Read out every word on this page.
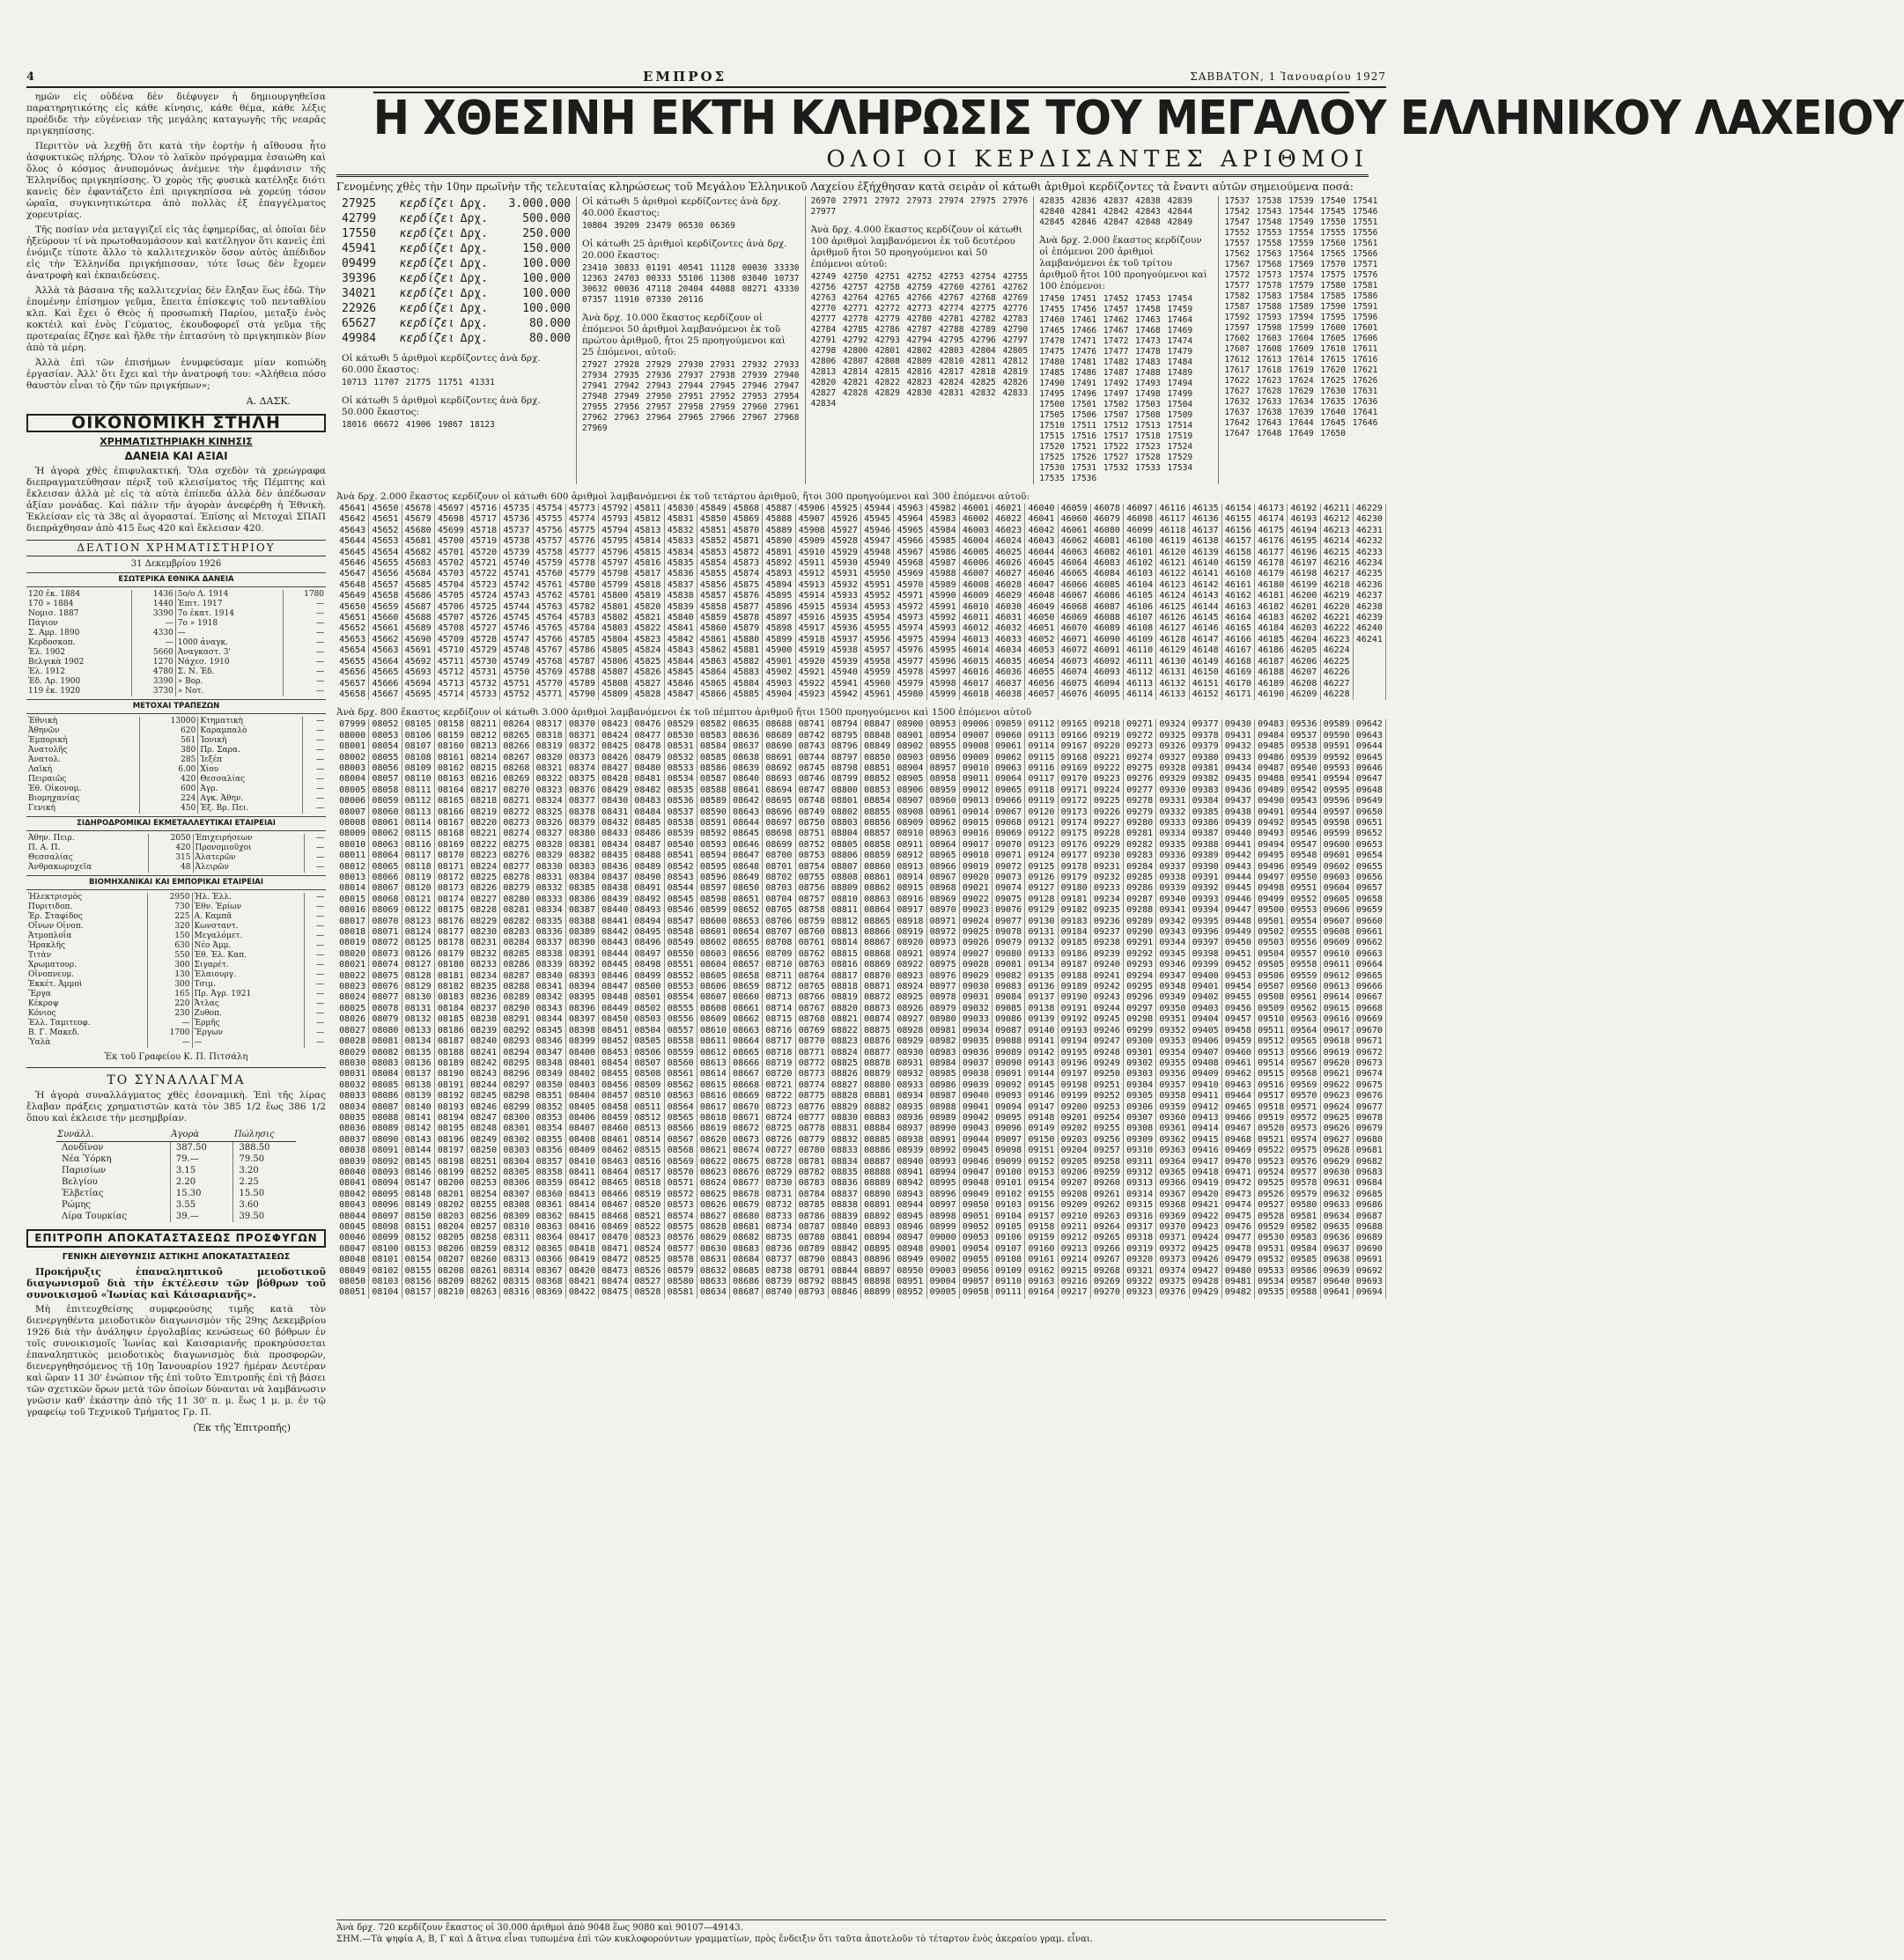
4	ΕΜΠΡΟΣ	ΣΑΒΒΑΤΟΝ, 1 Ἰανουαρίου 1927

ημῶν εἰς οὐδένα δὲν διέφυγεν ἡ δημιουργηθεῖσα παρατηρητικότης εἰς κάθε κίνησις, κάθε θέμα, κάθε λέξις προέδιδε τὴν εὐγένειαν τῆς μεγάλης καταγωγῆς τῆς νεαρᾶς πριγκηπίσσης.

Περιττὸν νὰ λεχθῇ ὅτι κατὰ τὴν ἑορτὴν ἡ αἴθουσα ἦτο ἀσφυκτικῶς πλήρης. Ὅλον τὸ λαϊκὸν πρόγραμμα ἐσαιώθη καὶ ὅλος ὁ κόσμος ἀνυπομόνως ἀνέμενε τὴν ἐμφάνισιν τῆς Ἑλληνίδος πριγκηπίσσης. Ὁ χορὸς τῆς φυσικὰ κατέληξε διότι κανεὶς δὲν ἐφαντάζετο ἐπὶ πριγκηπίσσα νὰ χορεύῃ τόσον ὡραῖα, συγκινητικώτερα ἀπὸ πολλὰς ἐξ ἐπαγγέλματος χορευτρίας.

Τῆς ποσίαν νέα μεταγγιζεῖ εἰς τὰς ἐφημερίδας, αἱ ὁποῖαι δὲν ἠξεύρουν τί νὰ πρωτοθαυμάσουν καὶ κατέληγον ὅτι κανεὶς ἐπὶ ἐνόμιζε τίποτε ἄλλο τὸ καλλιτεχνικὸν ὅσον αὐτὸς ἀπέδιδον εἰς τὴν Ἑλληνίδα πριγκήπισσαν, τότε ἴσως δὲν ἔχομεν ἀνατροφὴ καὶ ἐκπαιδεύσεις.

Ἀλλὰ τὰ βάσανα τῆς καλλιτεχνίας δὲν ἔληξαν ἕως ἐδῶ. Τὴν ἐπομένην ἐπίσημον γεῦμα, ἔπειτα ἐπίσκεψις τοῦ πενταθλίου κλπ. Καὶ ἔχει ὁ Θεὸς ἡ προσωπικὴ Παρίου, μεταξὺ ἐνὸς κοκτέιλ καὶ ἑνὸς Γεύματος, ἐκουδοφορεῖ στὰ γεῦμα τῆς προτεραίας ἔζησε καὶ ἤλθε τὴν ἑπτασύνη τὸ πριγκηπικὸν βίον ἀπὸ τὰ μέρη.

Ἀλλὰ ἐπὶ τῶν ἐπισήμων ἐνυμφεύσαμε μίαν κοπιώδη ἐργασίαν. Ἀλλ' ὅτι ἔχει καὶ τὴν ἀνατροφή του: «Ἀλήθεια πόσο θαυστὸν εἶναι τὸ ζῆν τῶν πριγκήπων»;

Α. ΔΑΣΚ.
ΟΙΚΟΝΟΜΙΚΗ ΣΤΗΛΗ
ΧΡΗΜΑΤΙΣΤΗΡΙΑΚΗ ΚΙΝΗΣΙΣ
ΔΑΝΕΙΑ ΚΑΙ ΑΞΙΑΙ

Ἡ ἀγορὰ χθὲς ἐπιφυλακτική. Ὅλα σχεδὸν τὰ χρεώγραφα διεπραγματεύθησαν πέριξ τοῦ κλεισίματος τῆς Πέμπτης καὶ ἔκλεισαν ἀλλὰ μὲ εἰς τὰ αὐτὰ ἐπίπεδα ἀλλὰ δὲν ἀπέδωσαν ἀξίαν μονάδας. Καὶ πάλιν τῆν ἀγορὰν ἀνεφέρθη ἡ Ἐθνικὴ. Ἐκλείσαν εἰς τὰ 38ς αἱ ἀγορασταί. Ἐπίσης αἱ Μετοχαὶ ΣΠΑΠ διεπράχθησαν ἀπὸ 415 ἕως 420 καὶ ἔκλεισαν 420.

ΔΕΛΤΙΟΝ ΧΡΗΜΑΤΙΣΤΗΡΙΟΥ
31 Δεκεμβρίου 1926
ΕΣΩΤΕΡΙΚΑ ΕΘΝΙΚΑ ΔΑΝΕΙΑ
120 ἑκ. 1884	1436	5ο/ο Λ. 1914	1780
170 » 1884	1440	Ἐπιτ. 1917	—
Νομισ. 1887	3390	7ο ἑκατ. 1914	—
Πάγιον	—	7ο » 1918	—
Σ. Αμρ. 1890	4330	—	—
Κερδοσκοπ.	—	1000 ἀναγκ.	—
Ἐλ. 1902	5660	Ἀναγκαστ. 3'	—
Βελγικὰ 1902	1270	Νάχεσ. 1910	—
Ἐλ. 1912	4780	Σ. Ν. Ἐδ.	—
Ἐδ. Λρ. 1900	3390	» Βορ.	—
119 ἑκ. 1920	3730	» Νοτ.	—
ΜΕΤΟΧΑΙ ΤΡΑΠΕΖΩΝ
Ἐθνικὴ	13000	Κτηματικὴ	—
Ἀθηνῶν	620	Καραμπαλὸ	—
Ἐμπορικὴ	561	Ἰονικὴ	—
Ἀνατολῆς	380	Πρ. Σαρα.	—
Ἀνατολ.	285	Ἰεξέπ	—
Λαϊκή	6.00	Χίου	—
Πειραιῶς	420	Θεσσαλίας	—
Ἐθ. Οἰκονομ.	600	Ἀγρ.	—
Βιομηχανίας	224	Αγκ. Ἀθην.	—
Γενική	450	Ἐξ. Βρ. Πει.	—
ΣΙΔΗΡΟΔΡΟΜΙΚΑΙ ΕΚΜΕΤΑΛΛΕΥΤΙΚΑΙ ΕΤΑΙΡΕΙΑΙ
Ἀθην. Πειρ.	2050	Ἐπιχειρήσεων	—
Π. Α. Π.	420	Προνομιοῦχοι	—
Θεσσαλίας	315	Ἀλατερῶν	—
Ἀνθρακωρυχεῖα	48	Ἀλειρῶν	—
ΒΙΟΜΗΧΑΝΙΚΑΙ ΚΑΙ ΕΜΠΟΡΙΚΑΙ ΕΤΑΙΡΕΙΑΙ
Ἠλεκτρισμὸς	2950	Ἠλ. Ἐλλ.	—
Πυριτιδοπ.	730	Ἐθν. Ἐρίων	—
Ἐρ. Σταφίδος	225	Α. Καμπᾶ	—
Οἴνων Οἰνοπ.	320	Κωνσταντ.	—
Ἀτμοπλοΐα	150	Μεγαλόμετ.	—
Ἡρακλῆς	630	Νέο Ἀμμ.	—
Τιτὰν	550	Ἐθ. Ἐλ. Καπ.	—
Χρωματουρ.	300	Σιγαρέτ.	—
Οἰνοπνευμ.	130	Ἐλαιουργ.	—
Ἐκκέτ. Ἀμμοὶ	300	Τσιμ.	—
Ἔργα	165	Πρ. Ἀγρ. 1921	—
Κέκροψ	220	Ἄτλας	—
Κόνιος	230	Ζυθοπ.	—
Ἐλλ. Ταμιτεοφ.	—	Ἑρμῆς	—
Β. Γ. Μακεδ.	1700	Ἔργων	—
Ὑαλὰ	—	—	—
Ἐκ τοῦ Γραφείου Κ. Π. Πιτσάλη
ΤΟ ΣΥΝΑΛΛΑΓΜΑ

Ἡ ἀγορὰ συναλλάγματος χθὲς ἐσοναμικὴ. Ἐπὶ τῆς λίρας ἔλαβαν πράξεις χρηματιστῶν κατὰ τὸν 385 1/2 ἕως 386 1/2 ὅπου καὶ ἐκλεισε τὴν μεσημβρίαν.

Συνάλλ.	Ἀγορὰ	Πώλησις
Λονδῖνον	387.50	388.50
Νέα Ὑόρκη	79.—	79.50
Παρισίων	3.15	3.20
Βελγίου	2.20	2.25
Ἑλβετίας	15.30	15.50
Ρώμης	3.55	3.60
Λίρα Τουρκίας	39.—	39.50
ΕΠΙΤΡΟΠΗ ΑΠΟΚΑΤΑΣΤΑΣΕΩΣ ΠΡΟΣΦΥΓΩΝ
ΓΕΝΙΚΗ ΔΙΕΥΘΥΝΣΙΣ ΑΣΤΙΚΗΣ ΑΠΟΚΑΤΑΣΤΑΣΕΩΣ

Προκήρυξις ἐπαναληπτικοῦ μειοδοτικοῦ διαγωνισμοῦ διὰ τὴν ἐκτέλεσιν τῶν βόθρων τοῦ συνοικισμοῦ «Ἰωνίας καὶ Κάισαριανῆς».

Μὴ ἐπιτευχθείσης συμφερούσης τιμῆς κατὰ τὸν διενεργηθέντα μειοδοτικὸν διαγωνισμὸν τῆς 29ης Δεκεμβρίου 1926 διὰ τὴν ἀνάληψιν ἐργολαβίας κενώσεως 60 βόθρων ἐν τοῖς συνοικισμοῖς Ἰωνίας καὶ Καισαριανῆς προκηρύσσεται ἐπαναληπτικὸς μειοδοτικὸς διαγωνισμὸς διὰ προσφορῶν, διενεργηθησόμενος τῇ 10ῃ Ἰανουαρίου 1927 ἡμέραν Δευτέραν καὶ ὥραν 11 30' ἐνώπιον τῆς ἐπὶ τοῦτο Ἐπιτροπῆς ἐπὶ τῇ βάσει τῶν σχετικῶν ὅρων μετὰ τῶν ὁποίων δύνανται νὰ λαμβάνωσιν γνῶσιν καθ' ἑκάστην ἀπὸ τῆς 11 30' π. μ. ἕως 1 μ. μ. ἐν τῷ γραφείῳ τοῦ Τεχνικοῦ Τμήματος Γρ. Π.

(Ἐκ τῆς Ἐπιτροπῆς)
Η ΧΘΕΣΙΝΗ ΕΚΤΗ ΚΛΗΡΩΣΙΣ ΤΟΥ ΜΕΓΑΛΟΥ ΕΛΛΗΝΙΚΟΥ ΛΑΧΕΙΟΥ
ΟΛΟΙ ΟΙ ΚΕΡΔΙΣΑΝΤΕΣ ΑΡΙΘΜΟΙ
Γενομένης χθὲς τὴν 10ην πρωϊνὴν τῆς τελευταίας κληρώσεως τοῦ Μεγάλου Ἑλληνικοῦ Λαχείου ἐξήχθησαν κατὰ σειρὰν οἱ κάτωθι ἀριθμοὶ κερδίζοντες τὰ ἔναντι αὐτῶν σημειούμενα ποσά:
27925	κερδίζει Δρχ.	3.000.000
42799	κερδίζει Δρχ.	500.000
17550	κερδίζει Δρχ.	250.000
45941	κερδίζει Δρχ.	150.000
09499	κερδίζει Δρχ.	100.000
39396	κερδίζει Δρχ.	100.000
34021	κερδίζει Δρχ.	100.000
22926	κερδίζει Δρχ.	100.000
65627	κερδίζει Δρχ.	80.000
49984	κερδίζει Δρχ.	80.000
Οἱ κάτωθι 5 ἀριθμοὶ κερδίζοντες ἀνὰ δρχ. 60.000 ἕκαστος:
10713 11707 21775 11751 41331
Οἱ κάτωθι 5 ἀριθμοὶ κερδίζοντες ἀνὰ δρχ. 50.000 ἕκαστος:
18016 06672 41906 19867 18123
Οἱ κάτωθι 5 ἀριθμοὶ κερδίζοντες ἀνὰ δρχ. 40.000 ἕκαστος:
10804 39209 23479 06530 06369
Οἱ κάτωθι 25 ἀριθμοὶ κερδίζοντες ἀνὰ δρχ. 20.000 ἕκαστος:
23410 30833 01191 40541 11128 00030 33330 12363 24703 00333 55106 11308 03040 10737 30632 00036 47118 20404 44088 08271 43330 07357 11910 07330 20116
Ἀνὰ δρχ. 10.000 ἕκαστος κερδίζουν οἱ ἑπόμενοι 50 ἀριθμοὶ λαμβανόμενοι ἐκ τοῦ πρώτου ἀριθμοῦ, ἤτοι 25 προηγούμενοι καὶ 25 ἑπόμενοι, αὐτοῦ:
27927 27928 27929 27930 27931 27932 27933 27934 27935 27936 27937 27938 27939 27940 27941 27942 27943 27944 27945 27946 27947 27948 27949 27950 27951 27952 27953 27954 27955 27956 27957 27958 27959 27960 27961 27962 27963 27964 27965 27966 27967 27968 27969
26970 27971 27972 27973 27974 27975 27976 27977
Ἀνὰ δρχ. 4.000 ἕκαστος κερδίζουν οἱ κάτωθι 100 ἀριθμοὶ λαμβανόμενοι ἐκ τοῦ δευτέρου ἀριθμοῦ ἤτοι 50 προηγούμενοι καὶ 50 ἑπόμενοι αὐτοῦ:
42749 42750 42751 42752 42753 42754 42755 42756 42757 42758 42759 42760 42761 42762 42763 42764 42765 42766 42767 42768 42769 42770 42771 42772 42773 42774 42775 42776 42777 42778 42779 42780 42781 42782 42783 42784 42785 42786 42787 42788 42789 42790 42791 42792 42793 42794 42795 42796 42797 42798 42800 42801 42802 42803 42804 42805 42806 42807 42808 42809 42810 42811 42812 42813 42814 42815 42816 42817 42818 42819 42820 42821 42822 42823 42824 42825 42826 42827 42828 42829 42830 42831 42832 42833 42834
42835 42836 42837 42838 42839 42840 42841 42842 42843 42844 42845 42846 42847 42848 42849
Ἀνὰ δρχ. 2.000 ἕκαστος κερδίζουν οἱ ἑπόμενοι 200 ἀριθμοὶ λαμβανόμενοι ἐκ τοῦ τρίτου ἀριθμοῦ ἤτοι 100 προηγούμενοι καὶ 100 ἑπόμενοι:
17450 17451 17452 17453 17454 17455 17456 17457 17458 17459 17460 17461 17462 17463 17464 17465 17466 17467 17468 17469 17470 17471 17472 17473 17474 17475 17476 17477 17478 17479 17480 17481 17482 17483 17484 17485 17486 17487 17488 17489 17490 17491 17492 17493 17494 17495 17496 17497 17498 17499 17500 17501 17502 17503 17504 17505 17506 17507 17508 17509 17510 17511 17512 17513 17514 17515 17516 17517 17518 17519 17520 17521 17522 17523 17524 17525 17526 17527 17528 17529 17530 17531 17532 17533 17534 17535 17536
17537 17538 17539 17540 17541 17542 17543 17544 17545 17546 17547 17548 17549 17550 17551 17552 17553 17554 17555 17556 17557 17558 17559 17560 17561 17562 17563 17564 17565 17566 17567 17568 17569 17570 17571 17572 17573 17574 17575 17576 17577 17578 17579 17580 17581 17582 17583 17584 17585 17586 17587 17588 17589 17590 17591 17592 17593 17594 17595 17596 17597 17598 17599 17600 17601 17602 17603 17604 17605 17606 17607 17608 17609 17610 17611 17612 17613 17614 17615 17616 17617 17618 17619 17620 17621 17622 17623 17624 17625 17626 17627 17628 17629 17630 17631 17632 17633 17634 17635 17636 17637 17638 17639 17640 17641 17642 17643 17644 17645 17646 17647 17648 17649 17650
Ἀνὰ δρχ. 2.000 ἕκαστος κερδίζουν οἱ κάτωθι 600 ἀριθμοὶ λαμβανόμενοι ἐκ τοῦ τετάρτου ἀριθμοῦ, ἤτοι 300 προηγούμενοι καὶ 300 ἑπόμενοι αὐτοῦ:
45641 45650 45678 45697 45716 45735 45754 45773 45792 45811 45830 45849 45868 45887 45906 45925 45944 45963 45982 46001 46021 46040 46059 46078 46097 46116 46135 46154 46173 46192 46211 46229
45642 45651 45679 45698 45717 45736 45755 45774 45793 45812 45831 45850 45869 45888 45907 45926 45945 45964 45983 46002 46022 46041 46060 46079 46098 46117 46136 46155 46174 46193 46212 46230
45643 45652 45680 45699 45718 45737 45756 45775 45794 45813 45832 45851 45870 45889 45908 45927 45946 45965 45984 46003 46023 46042 46061 46080 46099 46118 46137 46156 46175 46194 46213 46231
45644 45653 45681 45700 45719 45738 45757 45776 45795 45814 45833 45852 45871 45890 45909 45928 45947 45966 45985 46004 46024 46043 46062 46081 46100 46119 46138 46157 46176 46195 46214 46232
45645 45654 45682 45701 45720 45739 45758 45777 45796 45815 45834 45853 45872 45891 45910 45929 45948 45967 45986 46005 46025 46044 46063 46082 46101 46120 46139 46158 46177 46196 46215 46233
45646 45655 45683 45702 45721 45740 45759 45778 45797 45816 45835 45854 45873 45892 45911 45930 45949 45968 45987 46006 46026 46045 46064 46083 46102 46121 46140 46159 46178 46197 46216 46234
45647 45656 45684 45703 45722 45741 45760 45779 45798 45817 45836 45855 45874 45893 45912 45931 45950 45969 45988 46007 46027 46046 46065 46084 46103 46122 46141 46160 46179 46198 46217 46235
45648 45657 45685 45704 45723 45742 45761 45780 45799 45818 45837 45856 45875 45894 45913 45932 45951 45970 45989 46008 46028 46047 46066 46085 46104 46123 46142 46161 46180 46199 46218 46236
45649 45658 45686 45705 45724 45743 45762 45781 45800 45819 45838 45857 45876 45895 45914 45933 45952 45971 45990 46009 46029 46048 46067 46086 46105 46124 46143 46162 46181 46200 46219 46237
45650 45659 45687 45706 45725 45744 45763 45782 45801 45820 45839 45858 45877 45896 45915 45934 45953 45972 45991 46010 46030 46049 46068 46087 46106 46125 46144 46163 46182 46201 46220 46238
45651 45660 45688 45707 45726 45745 45764 45783 45802 45821 45840 45859 45878 45897 45916 45935 45954 45973 45992 46011 46031 46050 46069 46088 46107 46126 46145 46164 46183 46202 46221 46239
45652 45661 45689 45708 45727 45746 45765 45784 45803 45822 45841 45860 45879 45898 45917 45936 45955 45974 45993 46012 46032 46051 46070 46089 46108 46127 46146 46165 46184 46203 46222 46240
45653 45662 45690 45709 45728 45747 45766 45785 45804 45823 45842 45861 45880 45899 45918 45937 45956 45975 45994 46013 46033 46052 46071 46090 46109 46128 46147 46166 46185 46204 46223 46241
45654 45663 45691 45710 45729 45748 45767 45786 45805 45824 45843 45862 45881 45900 45919 45938 45957 45976 45995 46014 46034 46053 46072 46091 46110 46129 46148 46167 46186 46205 46224
45655 45664 45692 45711 45730 45749 45768 45787 45806 45825 45844 45863 45882 45901 45920 45939 45958 45977 45996 46015 46035 46054 46073 46092 46111 46130 46149 46168 46187 46206 46225
45656 45665 45693 45712 45731 45750 45769 45788 45807 45826 45845 45864 45883 45902 45921 45940 45959 45978 45997 46016 46036 46055 46074 46093 46112 46131 46150 46169 46188 46207 46226
45657 45666 45694 45713 45732 45751 45770 45789 45808 45827 45846 45865 45884 45903 45922 45941 45960 45979 45998 46017 46037 46056 46075 46094 46113 46132 46151 46170 46189 46208 46227
45658 45667 45695 45714 45733 45752 45771 45790 45809 45828 45847 45866 45885 45904 45923 45942 45961 45980 45999 46018 46038 46057 46076 46095 46114 46133 46152 46171 46190 46209 46228
Ἀνὰ δρχ. 800 ἕκαστος κερδίζουν οἱ κάτωθι 3.000 ἀριθμοὶ λαμβανόμενοι ἐκ τοῦ πέμπτου ἀριθμοῦ ἤτοι 1500 προηγούμενοι καὶ 1500 ἑπόμενοι αὐτοῦ
07999 08052 08105 08158 08211 08264 08317 08370 08423 08476 08529 08582 08635 08688 08741 08794 08847 08900 08953 09006 09059 09112 09165 09218 09271 09324 09377 09430 09483 09536 09589 09642
08000 08053 08106 08159 08212 08265 08318 08371 08424 08477 08530 08583 08636 08689 08742 08795 08848 08901 08954 09007 09060 09113 09166 09219 09272 09325 09378 09431 09484 09537 09590 09643
08001 08054 08107 08160 08213 08266 08319 08372 08425 08478 08531 08584 08637 08690 08743 08796 08849 08902 08955 09008 09061 09114 09167 09220 09273 09326 09379 09432 09485 09538 09591 09644
08002 08055 08108 08161 08214 08267 08320 08373 08426 08479 08532 08585 08638 08691 08744 08797 08850 08903 08956 09009 09062 09115 09168 09221 09274 09327 09380 09433 09486 09539 09592 09645
08003 08056 08109 08162 08215 08268 08321 08374 08427 08480 08533 08586 08639 08692 08745 08798 08851 08904 08957 09010 09063 09116 09169 09222 09275 09328 09381 09434 09487 09540 09593 09646
08004 08057 08110 08163 08216 08269 08322 08375 08428 08481 08534 08587 08640 08693 08746 08799 08852 08905 08958 09011 09064 09117 09170 09223 09276 09329 09382 09435 09488 09541 09594 09647
08005 08058 08111 08164 08217 08270 08323 08376 08429 08482 08535 08588 08641 08694 08747 08800 08853 08906 08959 09012 09065 09118 09171 09224 09277 09330 09383 09436 09489 09542 09595 09648
08006 08059 08112 08165 08218 08271 08324 08377 08430 08483 08536 08589 08642 08695 08748 08801 08854 08907 08960 09013 09066 09119 09172 09225 09278 09331 09384 09437 09490 09543 09596 09649
08007 08060 08113 08166 08219 08272 08325 08378 08431 08484 08537 08590 08643 08696 08749 08802 08855 08908 08961 09014 09067 09120 09173 09226 09279 09332 09385 09438 09491 09544 09597 09650
08008 08061 08114 08167 08220 08273 08326 08379 08432 08485 08538 08591 08644 08697 08750 08803 08856 08909 08962 09015 09068 09121 09174 09227 09280 09333 09386 09439 09492 09545 09598 09651
08009 08062 08115 08168 08221 08274 08327 08380 08433 08486 08539 08592 08645 08698 08751 08804 08857 08910 08963 09016 09069 09122 09175 09228 09281 09334 09387 09440 09493 09546 09599 09652
08010 08063 08116 08169 08222 08275 08328 08381 08434 08487 08540 08593 08646 08699 08752 08805 08858 08911 08964 09017 09070 09123 09176 09229 09282 09335 09388 09441 09494 09547 09600 09653
08011 08064 08117 08170 08223 08276 08329 08382 08435 08488 08541 08594 08647 08700 08753 08806 08859 08912 08965 09018 09071 09124 09177 09230 09283 09336 09389 09442 09495 09548 09601 09654
08012 08065 08118 08171 08224 08277 08330 08383 08436 08489 08542 08595 08648 08701 08754 08807 08860 08913 08966 09019 09072 09125 09178 09231 09284 09337 09390 09443 09496 09549 09602 09655
08013 08066 08119 08172 08225 08278 08331 08384 08437 08490 08543 08596 08649 08702 08755 08808 08861 08914 08967 09020 09073 09126 09179 09232 09285 09338 09391 09444 09497 09550 09603 09656
08014 08067 08120 08173 08226 08279 08332 08385 08438 08491 08544 08597 08650 08703 08756 08809 08862 08915 08968 09021 09074 09127 09180 09233 09286 09339 09392 09445 09498 09551 09604 09657
08015 08068 08121 08174 08227 08280 08333 08386 08439 08492 08545 08598 08651 08704 08757 08810 08863 08916 08969 09022 09075 09128 09181 09234 09287 09340 09393 09446 09499 09552 09605 09658
08016 08069 08122 08175 08228 08281 08334 08387 08440 08493 08546 08599 08652 08705 08758 08811 08864 08917 08970 09023 09076 09129 09182 09235 09288 09341 09394 09447 09500 09553 09606 09659
08017 08070 08123 08176 08229 08282 08335 08388 08441 08494 08547 08600 08653 08706 08759 08812 08865 08918 08971 09024 09077 09130 09183 09236 09289 09342 09395 09448 09501 09554 09607 09660
08018 08071 08124 08177 08230 08283 08336 08389 08442 08495 08548 08601 08654 08707 08760 08813 08866 08919 08972 09025 09078 09131 09184 09237 09290 09343 09396 09449 09502 09555 09608 09661
08019 08072 08125 08178 08231 08284 08337 08390 08443 08496 08549 08602 08655 08708 08761 08814 08867 08920 08973 09026 09079 09132 09185 09238 09291 09344 09397 09450 09503 09556 09609 09662
08020 08073 08126 08179 08232 08285 08338 08391 08444 08497 08550 08603 08656 08709 08762 08815 08868 08921 08974 09027 09080 09133 09186 09239 09292 09345 09398 09451 09504 09557 09610 09663
08021 08074 08127 08180 08233 08286 08339 08392 08445 08498 08551 08604 08657 08710 08763 08816 08869 08922 08975 09028 09081 09134 09187 09240 09293 09346 09399 09452 09505 09558 09611 09664
08022 08075 08128 08181 08234 08287 08340 08393 08446 08499 08552 08605 08658 08711 08764 08817 08870 08923 08976 09029 09082 09135 09188 09241 09294 09347 09400 09453 09506 09559 09612 09665
08023 08076 08129 08182 08235 08288 08341 08394 08447 08500 08553 08606 08659 08712 08765 08818 08871 08924 08977 09030 09083 09136 09189 09242 09295 09348 09401 09454 09507 09560 09613 09666
08024 08077 08130 08183 08236 08289 08342 08395 08448 08501 08554 08607 08660 08713 08766 08819 08872 08925 08978 09031 09084 09137 09190 09243 09296 09349 09402 09455 09508 09561 09614 09667
08025 08078 08131 08184 08237 08290 08343 08396 08449 08502 08555 08608 08661 08714 08767 08820 08873 08926 08979 09032 09085 09138 09191 09244 09297 09350 09403 09456 09509 09562 09615 09668
08026 08079 08132 08185 08238 08291 08344 08397 08450 08503 08556 08609 08662 08715 08768 08821 08874 08927 08980 09033 09086 09139 09192 09245 09298 09351 09404 09457 09510 09563 09616 09669
08027 08080 08133 08186 08239 08292 08345 08398 08451 08504 08557 08610 08663 08716 08769 08822 08875 08928 08981 09034 09087 09140 09193 09246 09299 09352 09405 09458 09511 09564 09617 09670
08028 08081 08134 08187 08240 08293 08346 08399 08452 08505 08558 08611 08664 08717 08770 08823 08876 08929 08982 09035 09088 09141 09194 09247 09300 09353 09406 09459 09512 09565 09618 09671
08029 08082 08135 08188 08241 08294 08347 08400 08453 08506 08559 08612 08665 08718 08771 08824 08877 08930 08983 09036 09089 09142 09195 09248 09301 09354 09407 09460 09513 09566 09619 09672
08030 08083 08136 08189 08242 08295 08348 08401 08454 08507 08560 08613 08666 08719 08772 08825 08878 08931 08984 09037 09090 09143 09196 09249 09302 09355 09408 09461 09514 09567 09620 09673
08031 08084 08137 08190 08243 08296 08349 08402 08455 08508 08561 08614 08667 08720 08773 08826 08879 08932 08985 09038 09091 09144 09197 09250 09303 09356 09409 09462 09515 09568 09621 09674
08032 08085 08138 08191 08244 08297 08350 08403 08456 08509 08562 08615 08668 08721 08774 08827 08880 08933 08986 09039 09092 09145 09198 09251 09304 09357 09410 09463 09516 09569 09622 09675
08033 08086 08139 08192 08245 08298 08351 08404 08457 08510 08563 08616 08669 08722 08775 08828 08881 08934 08987 09040 09093 09146 09199 09252 09305 09358 09411 09464 09517 09570 09623 09676
08034 08087 08140 08193 08246 08299 08352 08405 08458 08511 08564 08617 08670 08723 08776 08829 08882 08935 08988 09041 09094 09147 09200 09253 09306 09359 09412 09465 09518 09571 09624 09677
08035 08088 08141 08194 08247 08300 08353 08406 08459 08512 08565 08618 08671 08724 08777 08830 08883 08936 08989 09042 09095 09148 09201 09254 09307 09360 09413 09466 09519 09572 09625 09678
08036 08089 08142 08195 08248 08301 08354 08407 08460 08513 08566 08619 08672 08725 08778 08831 08884 08937 08990 09043 09096 09149 09202 09255 09308 09361 09414 09467 09520 09573 09626 09679
08037 08090 08143 08196 08249 08302 08355 08408 08461 08514 08567 08620 08673 08726 08779 08832 08885 08938 08991 09044 09097 09150 09203 09256 09309 09362 09415 09468 09521 09574 09627 09680
08038 08091 08144 08197 08250 08303 08356 08409 08462 08515 08568 08621 08674 08727 08780 08833 08886 08939 08992 09045 09098 09151 09204 09257 09310 09363 09416 09469 09522 09575 09628 09681
08039 08092 08145 08198 08251 08304 08357 08410 08463 08516 08569 08622 08675 08728 08781 08834 08887 08940 08993 09046 09099 09152 09205 09258 09311 09364 09417 09470 09523 09576 09629 09682
08040 08093 08146 08199 08252 08305 08358 08411 08464 08517 08570 08623 08676 08729 08782 08835 08888 08941 08994 09047 09100 09153 09206 09259 09312 09365 09418 09471 09524 09577 09630 09683
08041 08094 08147 08200 08253 08306 08359 08412 08465 08518 08571 08624 08677 08730 08783 08836 08889 08942 08995 09048 09101 09154 09207 09260 09313 09366 09419 09472 09525 09578 09631 09684
08042 08095 08148 08201 08254 08307 08360 08413 08466 08519 08572 08625 08678 08731 08784 08837 08890 08943 08996 09049 09102 09155 09208 09261 09314 09367 09420 09473 09526 09579 09632 09685
08043 08096 08149 08202 08255 08308 08361 08414 08467 08520 08573 08626 08679 08732 08785 08838 08891 08944 08997 09050 09103 09156 09209 09262 09315 09368 09421 09474 09527 09580 09633 09686
08044 08097 08150 08203 08256 08309 08362 08415 08468 08521 08574 08627 08680 08733 08786 08839 08892 08945 08998 09051 09104 09157 09210 09263 09316 09369 09422 09475 09528 09581 09634 09687
08045 08098 08151 08204 08257 08310 08363 08416 08469 08522 08575 08628 08681 08734 08787 08840 08893 08946 08999 09052 09105 09158 09211 09264 09317 09370 09423 09476 09529 09582 09635 09688
08046 08099 08152 08205 08258 08311 08364 08417 08470 08523 08576 08629 08682 08735 08788 08841 08894 08947 09000 09053 09106 09159 09212 09265 09318 09371 09424 09477 09530 09583 09636 09689
08047 08100 08153 08206 08259 08312 08365 08418 08471 08524 08577 08630 08683 08736 08789 08842 08895 08948 09001 09054 09107 09160 09213 09266 09319 09372 09425 09478 09531 09584 09637 09690
08048 08101 08154 08207 08260 08313 08366 08419 08472 08525 08578 08631 08684 08737 08790 08843 08896 08949 09002 09055 09108 09161 09214 09267 09320 09373 09426 09479 09532 09585 09638 09691
08049 08102 08155 08208 08261 08314 08367 08420 08473 08526 08579 08632 08685 08738 08791 08844 08897 08950 09003 09056 09109 09162 09215 09268 09321 09374 09427 09480 09533 09586 09639 09692
08050 08103 08156 08209 08262 08315 08368 08421 08474 08527 08580 08633 08686 08739 08792 08845 08898 08951 09004 09057 09110 09163 09216 09269 09322 09375 09428 09481 09534 09587 09640 09693
08051 08104 08157 08210 08263 08316 08369 08422 08475 08528 08581 08634 08687 08740 08793 08846 08899 08952 09005 09058 09111 09164 09217 09270 09323 09376 09429 09482 09535 09588 09641 09694
Ἀνὰ δρχ. 720 κερδίζουν ἕκαστος οἱ 30.000 ἀριθμοὶ ἀπὸ 9048 ἕως 9080 καὶ 90107—49143.
ΣΗΜ.—Τὰ ψηφία Α, Β, Γ καὶ Δ ἅτινα εἶναι τυπωμένα ἐπὶ τῶν κυκλοφορούντων γραμματίων, πρὸς ἔνδειξιν ὅτι ταῦτα ἀποτελοῦν τὸ τέταρτον ἑνὸς ἀκεραίου γραμ. εἶναι.
